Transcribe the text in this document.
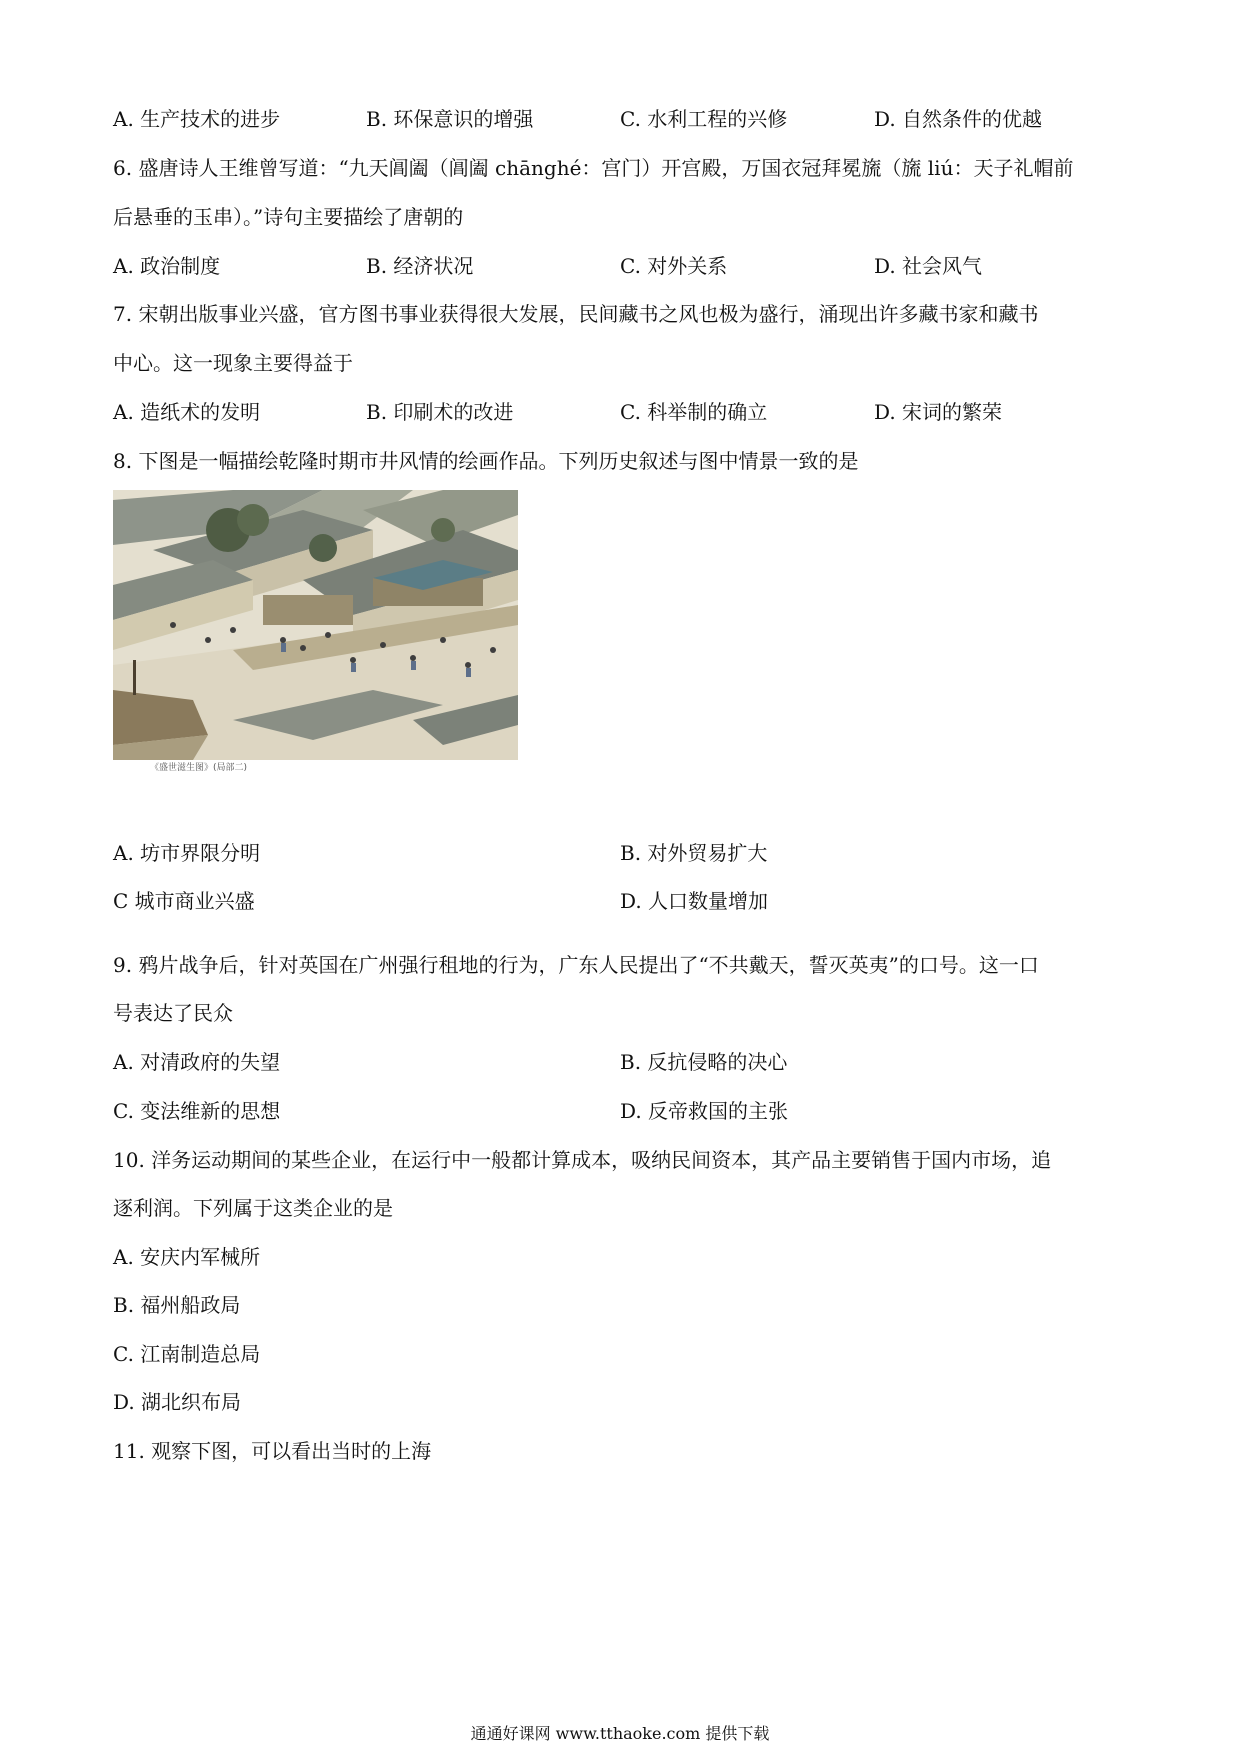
A. 生产技术的进步	B. 环保意识的增强	C. 水利工程的兴修	D. 自然条件的优越
6. 盛唐诗人王维曾写道：“九天阊阖（阊阖 chānghé：宫门）开宫殿，万国衣冠拜冕旒（旒 liú：天子礼帽前
后悬垂的玉串）。”诗句主要描绘了唐朝的
A. 政治制度	B. 经济状况	C. 对外关系	D. 社会风气
7. 宋朝出版事业兴盛，官方图书事业获得很大发展，民间藏书之风也极为盛行，涌现出许多藏书家和藏书
中心。这一现象主要得益于
A. 造纸术的发明	B. 印刷术的改进	C. 科举制的确立	D. 宋词的繁荣
8. 下图是一幅描绘乾隆时期市井风情的绘画作品。下列历史叙述与图中情景一致的是
《盛世滋生图》(局部二)
A. 坊市界限分明	B. 对外贸易扩大
C 城市商业兴盛	D. 人口数量增加
9. 鸦片战争后，针对英国在广州强行租地的行为，广东人民提出了“不共戴天，誓灭英夷”的口号。这一口
号表达了民众
A. 对清政府的失望	B. 反抗侵略的决心
C. 变法维新的思想	D. 反帝救国的主张
10. 洋务运动期间的某些企业，在运行中一般都计算成本，吸纳民间资本，其产品主要销售于国内市场，追
逐利润。下列属于这类企业的是
A. 安庆内军械所
B. 福州船政局
C. 江南制造总局
D. 湖北织布局
11. 观察下图，可以看出当时的上海
通通好课网 www.tthaoke.com 提供下载
